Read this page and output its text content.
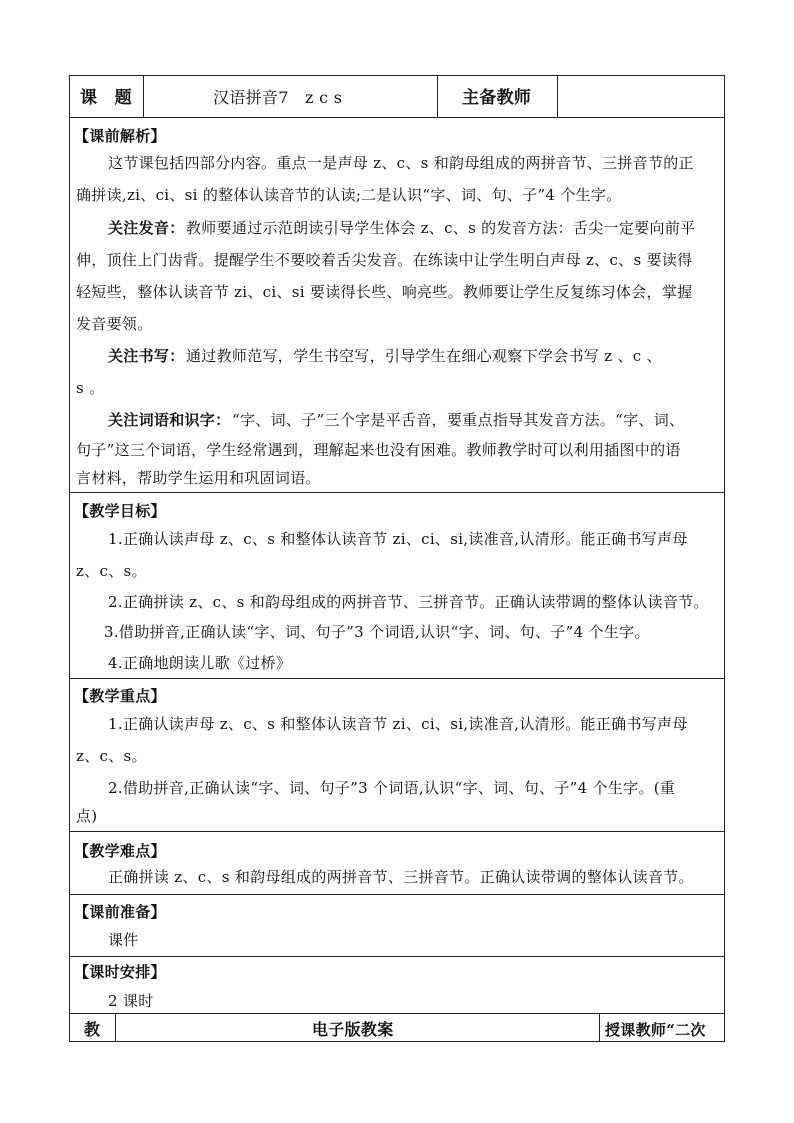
课　题	汉语拼音7　z c s	主备教师
【课前解析】
这节课包括四部分内容。重点一是声母 z、c、s 和韵母组成的两拼音节、三拼音节的正
确拼读,zi、ci、si 的整体认读音节的认读;二是认识“字、词、句、子”4 个生字。
关注发音： 教师要通过示范朗读引导学生体会 z、c、s 的发音方法：舌尖一定要向前平
伸，顶住上门齿背。提醒学生不要咬着舌尖发音。在练读中让学生明白声母 z、c、s 要读得
轻短些，整体认读音节 zi、ci、si 要读得长些、响亮些。教师要让学生反复练习体会，掌握
发音要领。
关注书写： 通过教师范写，学生书空写，引导学生在细心观察下学会书写 z 、c 、
s 。
关注词语和识字： “字、词、子”三个字是平舌音，要重点指导其发音方法。“字、词、
句子”这三个词语，学生经常遇到，理解起来也没有困难。教师教学时可以利用插图中的语
言材料，帮助学生运用和巩固词语。
【教学目标】
1.正确认读声母 z、c、s 和整体认读音节 zi、ci、si,读准音,认清形。能正确书写声母
z、c、s。
2.正确拼读 z、c、s 和韵母组成的两拼音节、三拼音节。正确认读带调的整体认读音节。
3.借助拼音,正确认读“字、词、句子”3 个词语,认识“字、词、句、子”4 个生字。
4.正确地朗读儿歌《过桥》
【教学重点】
1.正确认读声母 z、c、s 和整体认读音节 zi、ci、si,读准音,认清形。能正确书写声母
z、c、s。
2.借助拼音,正确认读“字、词、句子”3 个词语,认识“字、词、句、子”4 个生字。(重
点)
【教学难点】
正确拼读 z、c、s 和韵母组成的两拼音节、三拼音节。正确认读带调的整体认读音节。
【课前准备】
课件
【课时安排】
2 课时
教	电子版教案	授课教师“二次
